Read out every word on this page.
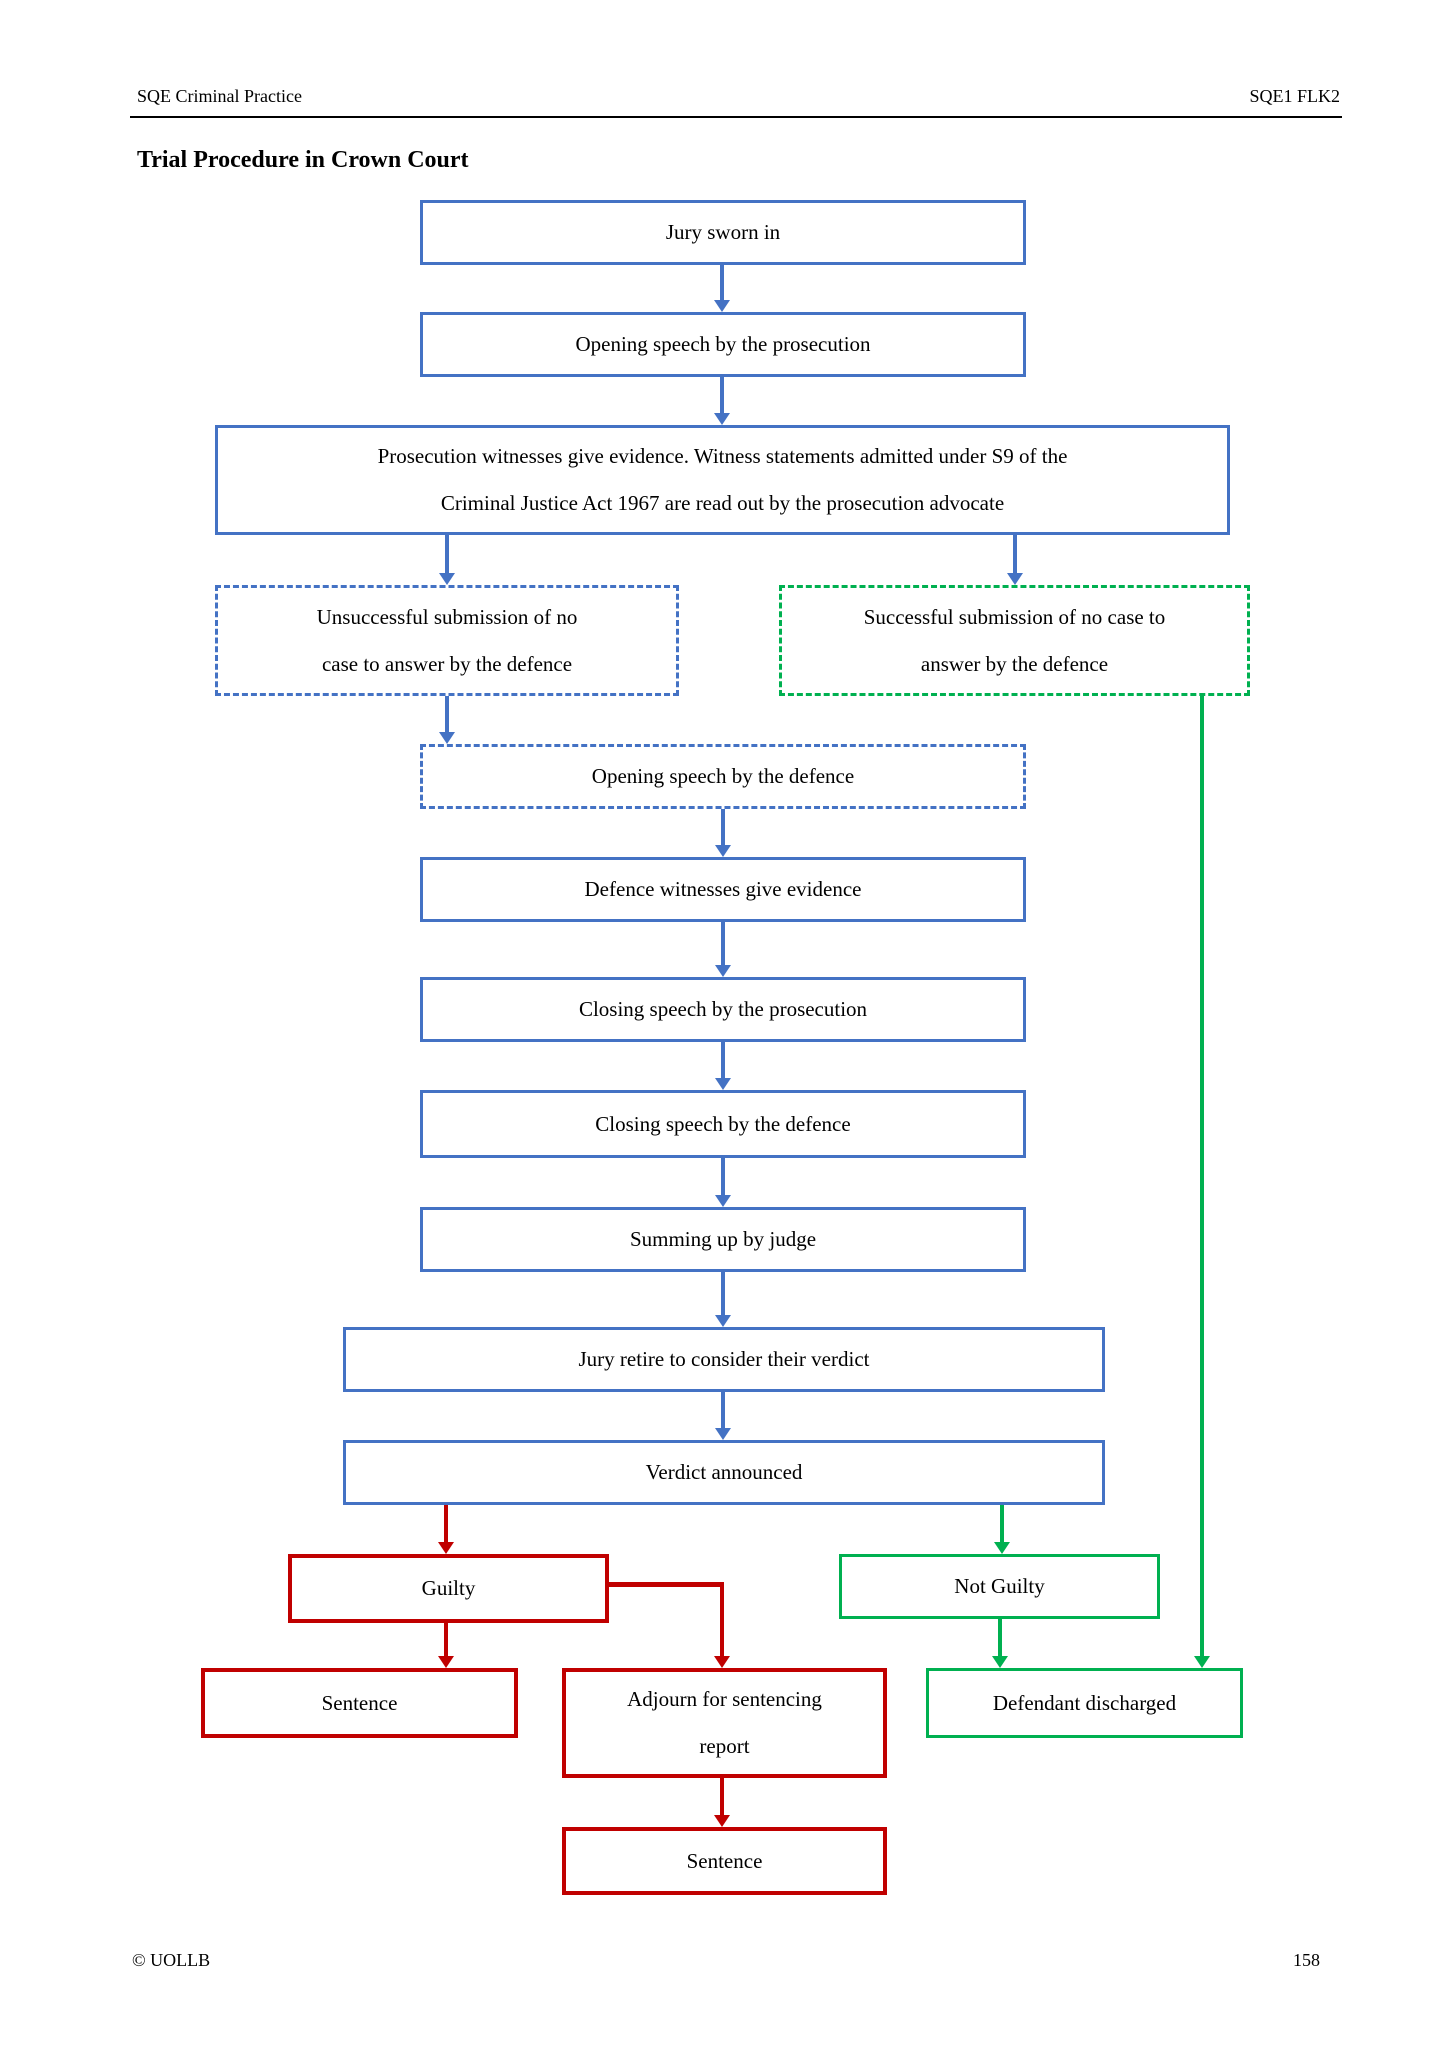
SQE Criminal Practice	SQE1 FLK2
Trial Procedure in Crown Court
Jury sworn in
Opening speech by the prosecution
Prosecution witnesses give evidence. Witness statements admitted under S9 of the
Criminal Justice Act 1967 are read out by the prosecution advocate
Unsuccessful submission of no
case to answer by the defence
Successful submission of no case to
answer by the defence
Opening speech by the defence
Defence witnesses give evidence
Closing speech by the prosecution
Closing speech by the defence
Summing up by judge
Jury retire to consider their verdict
Verdict announced
Guilty	Not Guilty
Sentence	Adjourn for sentencing
report
Defendant discharged
Sentence
© UOLLB	158
